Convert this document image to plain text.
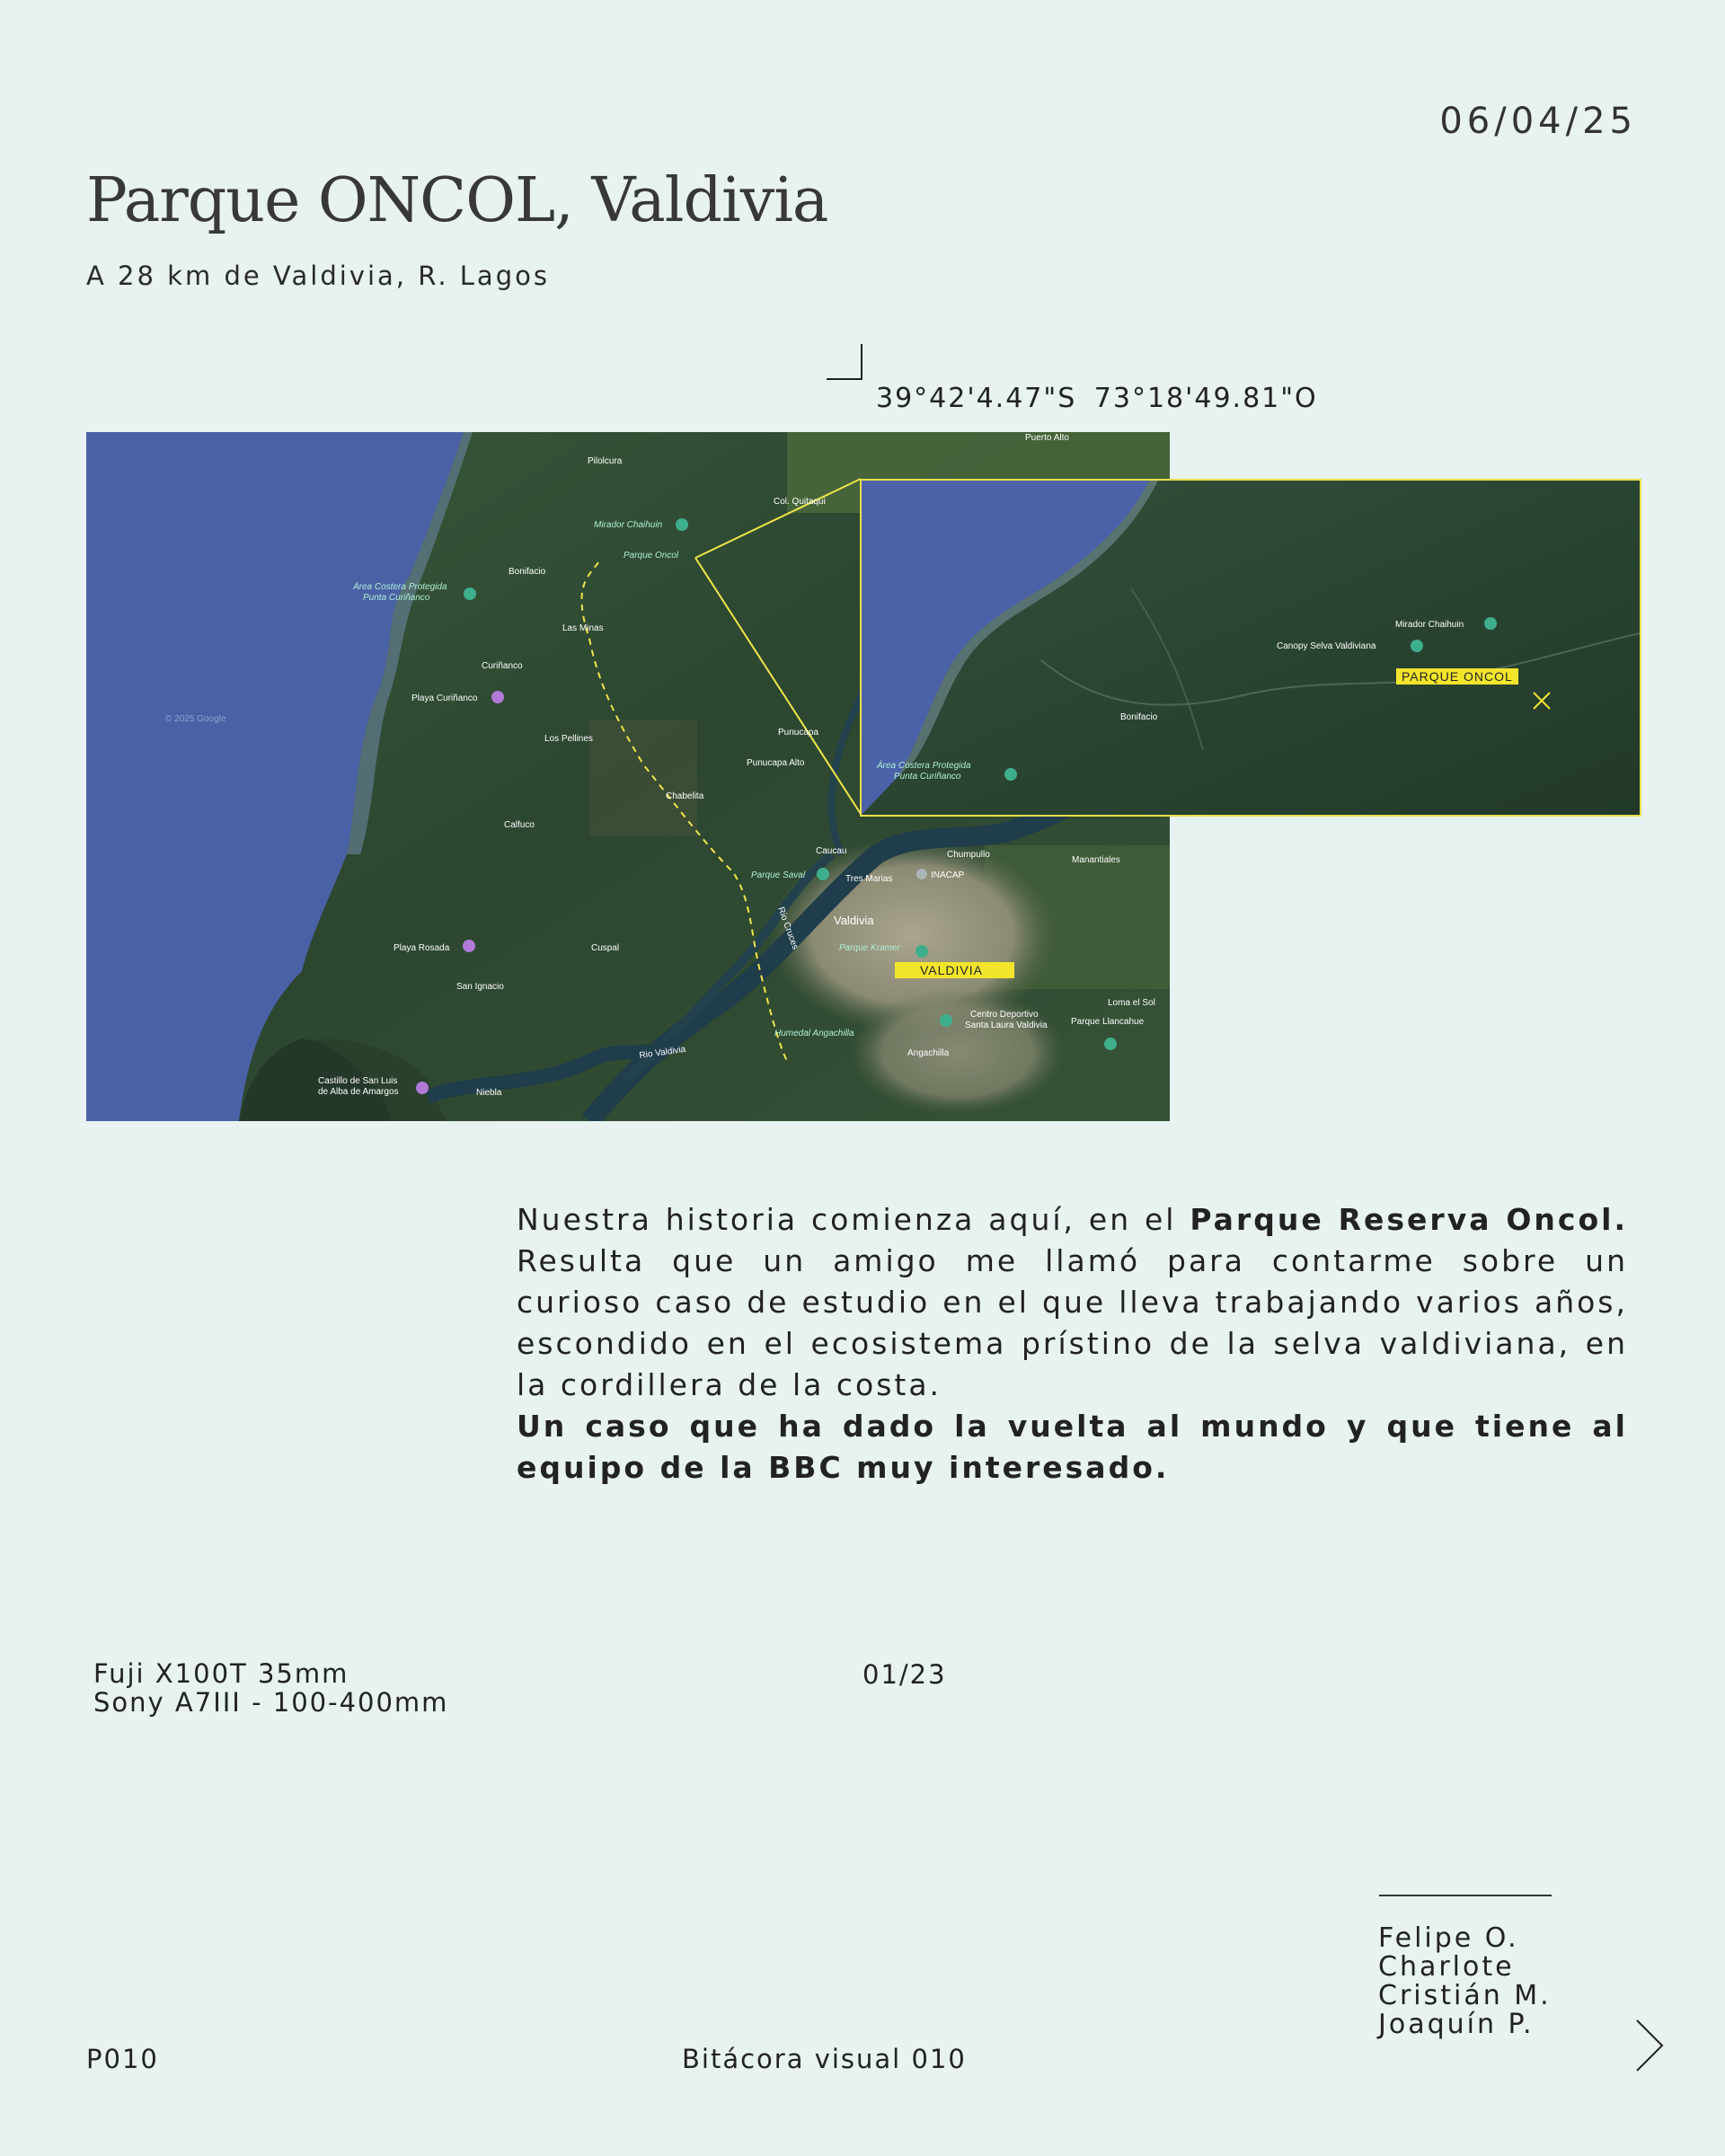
06/04/25
Parque ONCOL, Valdivia
A 28 km de Valdivia, R. Lagos
39°42'4.47"S 73°18'49.81"O
VALDIVIA
Pilolcura
Puerto Alto
Col. Quitaqui
Mirador Chaihuin
Parque Oncol
Bonifacio
Área Costera Protegida
Punta Curiñanco
Las Minas
Curiñanco
Playa Curiñanco
Los Pellines
Punucapa
Punucapa Alto
Chabelita
Calfuco
Caucau	Chumpullo
Parque Saval	Tres Marias	INACAP
Manantiales
Valdivia
Playa Rosada	Cuspal	Parque Kramer
San Ignacio
Humedal Angachilla
Centro Deportivo
Santa Laura Valdivia
Loma el Sol
Parque Llancahue
Angachilla
Castillo de San Luis
de Alba de Amargos	Niebla
Rio Valdivia
Rio Cruces
© 2025 Google
Mirador Chaihuin
Canopy Selva Valdiviana
Bonifacio
Área Costera Protegida
Punta Curiñanco
PARQUE ONCOL
Nuestra historia comienza aquí, en el Parque Reserva Oncol. Resulta que un amigo me llamó para contarme sobre un curioso caso de estudio en el que lleva trabajando varios años, escondido en el ecosistema prístino de la selva valdiviana, en la cordillera de la costa.
Un caso que ha dado la vuelta al mundo y que tiene al equipo de la BBC muy interesado.
Fuji X100T 35mm
Sony A7III - 100-400mm
01/23
Felipe O.
Charlote
Cristián M.
Joaquín P.
P010	Bitácora visual 010
